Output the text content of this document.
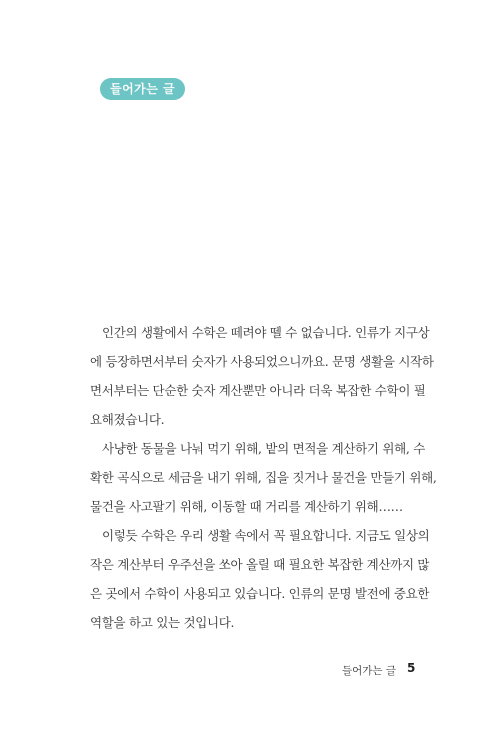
들어가는 글
인간의 생활에서 수학은 떼려야 뗄 수 없습니다. 인류가 지구상
에 등장하면서부터 숫자가 사용되었으니까요. 문명 생활을 시작하
면서부터는 단순한 숫자 계산뿐만 아니라 더욱 복잡한 수학이 필
요해졌습니다.
사냥한 동물을 나눠 먹기 위해, 밭의 면적을 계산하기 위해, 수
확한 곡식으로 세금을 내기 위해, 집을 짓거나 물건을 만들기 위해,
물건을 사고팔기 위해, 이동할 때 거리를 계산하기 위해……
이렇듯 수학은 우리 생활 속에서 꼭 필요합니다. 지금도 일상의
작은 계산부터 우주선을 쏘아 올릴 때 필요한 복잡한 계산까지 많
은 곳에서 수학이 사용되고 있습니다. 인류의 문명 발전에 중요한
역할을 하고 있는 것입니다.
들어가는 글 5
